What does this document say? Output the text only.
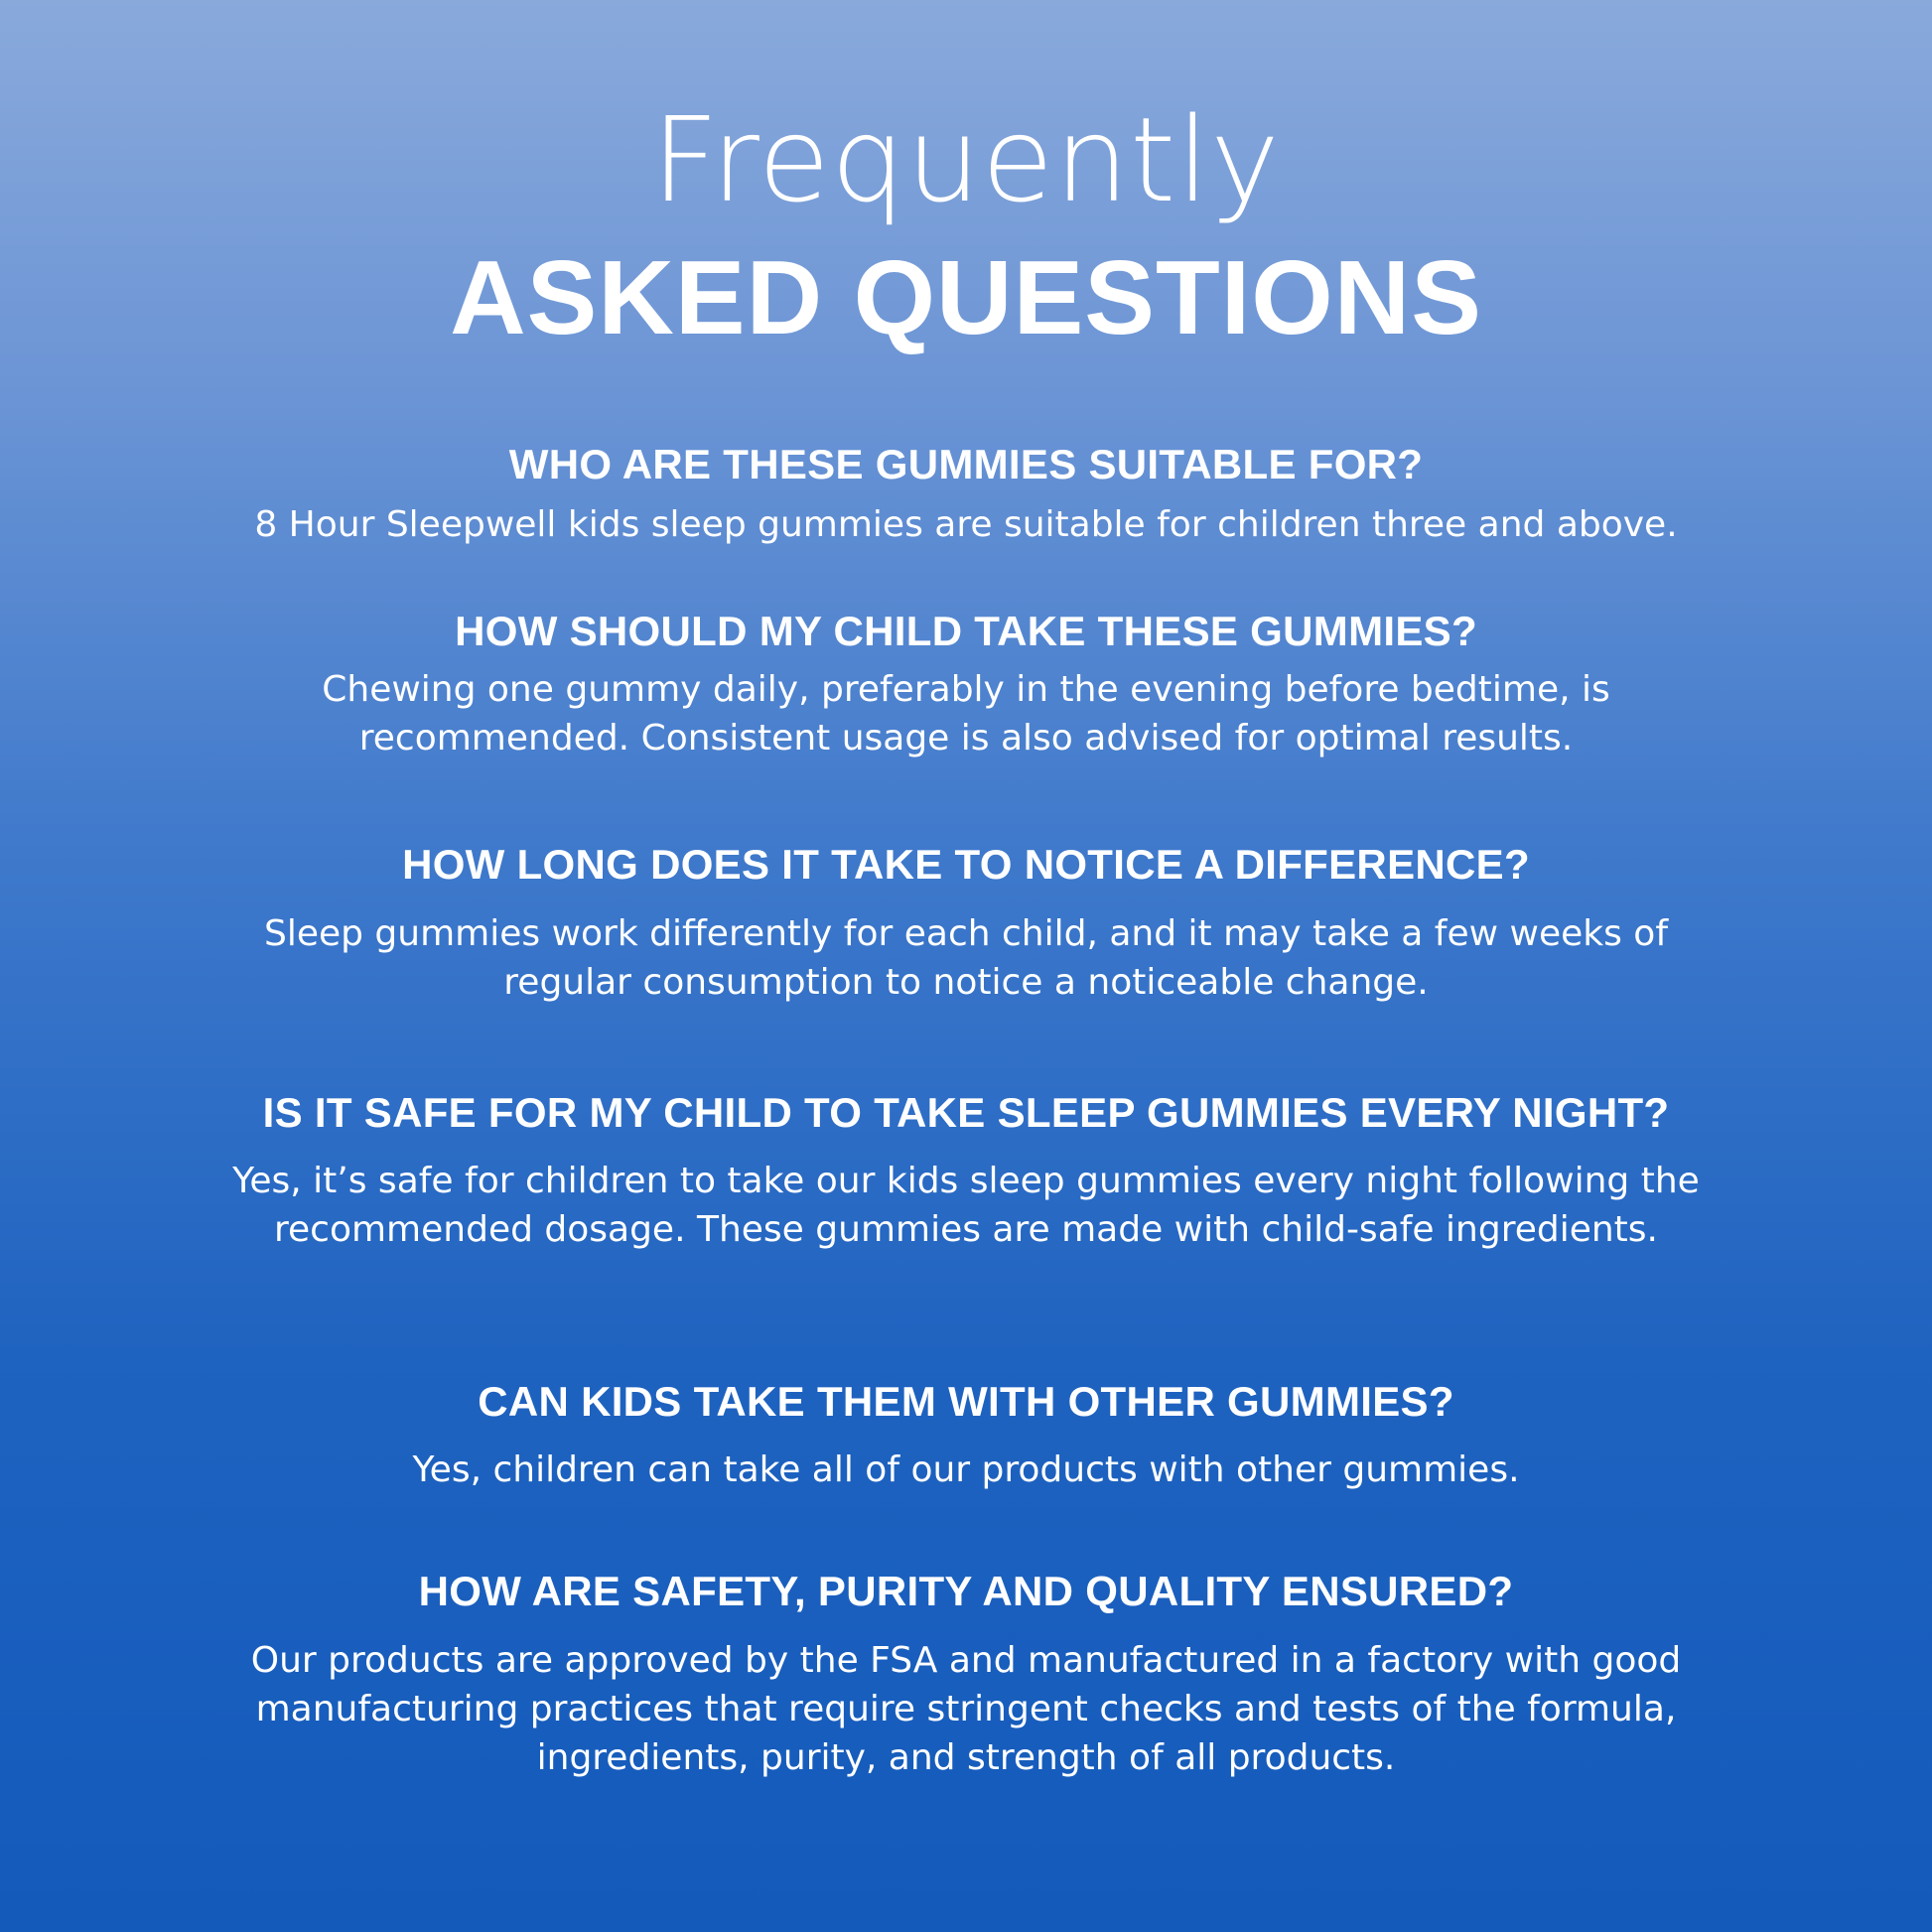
Frequently
ASKED QUESTIONS
WHO ARE THESE GUMMIES SUITABLE FOR?
8 Hour Sleepwell kids sleep gummies are suitable for children three and above.
HOW SHOULD MY CHILD TAKE THESE GUMMIES?
Chewing one gummy daily, preferably in the evening before bedtime, is recommended. Consistent usage is also advised for optimal results.
HOW LONG DOES IT TAKE TO NOTICE A DIFFERENCE?
Sleep gummies work differently for each child, and it may take a few weeks of regular consumption to notice a noticeable change.
IS IT SAFE FOR MY CHILD TO TAKE SLEEP GUMMIES EVERY NIGHT?
Yes, it’s safe for children to take our kids sleep gummies every night following the recommended dosage. These gummies are made with child-safe ingredients.
CAN KIDS TAKE THEM WITH OTHER GUMMIES?
Yes, children can take all of our products with other gummies.
HOW ARE SAFETY, PURITY AND QUALITY ENSURED?
Our products are approved by the FSA and manufactured in a factory with good manufacturing practices that require stringent checks and tests of the formula, ingredients, purity, and strength of all products.
